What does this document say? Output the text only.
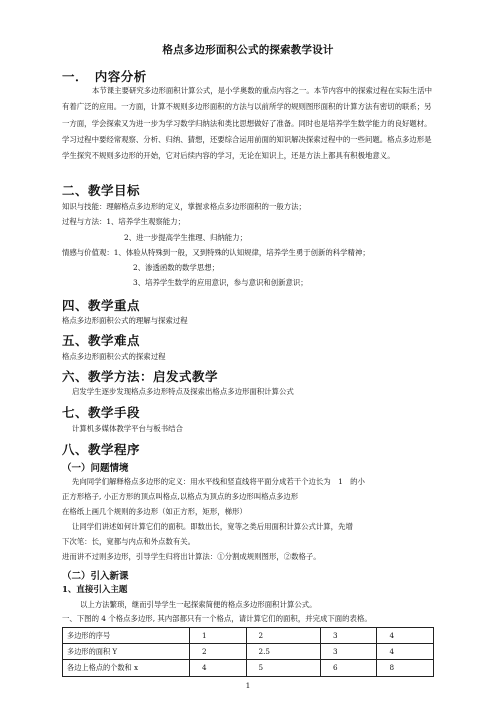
格点多边形面积公式的探索教学设计
一．　内容分析
本节课主要研究多边形面积计算公式，是小学奥数的重点内容之一。本节内容中的探索过程在实际生活中有着广泛的应用。一方面，计算不规则多边形面积的方法与以前所学的规则图形面积的计算方法有密切的联系；另一方面，学会探索又为进一步为学习数学归纳法和类比思想做好了准备。同时也是培养学生数学能力的良好题材。学习过程中要经常观察、分析、归纳、猜想，还要综合运用前面的知识解决探索过程中的一些问题。格点多边形是学生探究不规则多边形的开始，它对后续内容的学习，无论在知识上，还是方法上都具有积极地意义。
二、教学目标
知识与技能：理解格点多边形的定义，掌握求格点多边形面积的一般方法；
过程与方法：1、培养学生观察能力；
2、进一步提高学生推理、归纳能力；
情感与价值观：1、体验从特殊到一般，又到特殊的认知规律，培养学生勇于创新的科学精神；
2、渗透函数的数学思想；
3、培养学生数学的应用意识，参与意识和创新意识；
四、教学重点
格点多边形面积公式的理解与探索过程
五、教学难点
格点多边形面积公式的探索过程
六、教学方法：启发式教学
启发学生逐步发现格点多边形特点及探索出格点多边形面积计算公式
七、教学手段
计算机多媒体教学平台与板书结合
八、教学程序
（一）问题情境
先向同学们解释格点多边形的定义：用水平线和竖直线将平面分成若干个边长为　1　的小
正方形格子, 小正方形的顶点叫格点,以格点为顶点的多边形叫格点多边形
在格纸上画几个规则的多边形（如正方形，矩形，梯形）
让同学们讲述如何计算它们的面积。即数出长，宽等之类后用面积计算公式计算，先增
下次笔：长，宽都与内点和外点数有关。
进而讲不过则多边形，引导学生归将出计算法：①分割成规则图形，②数格子。
（二）引入新课
1、直接引入主题
以上方法繁琐，继而引导学生一起探索简便的格点多边形面积计算公式。
一、下图的 4 个格点多边形, 其内部都只有一个格点，请计算它们的面积，并完成下面的表格。
多边形的序号	1	2	3	4
多边形的面积 Y	2	2.5	3	4
各边上格点的个数和 x	4	5	6	8
1
